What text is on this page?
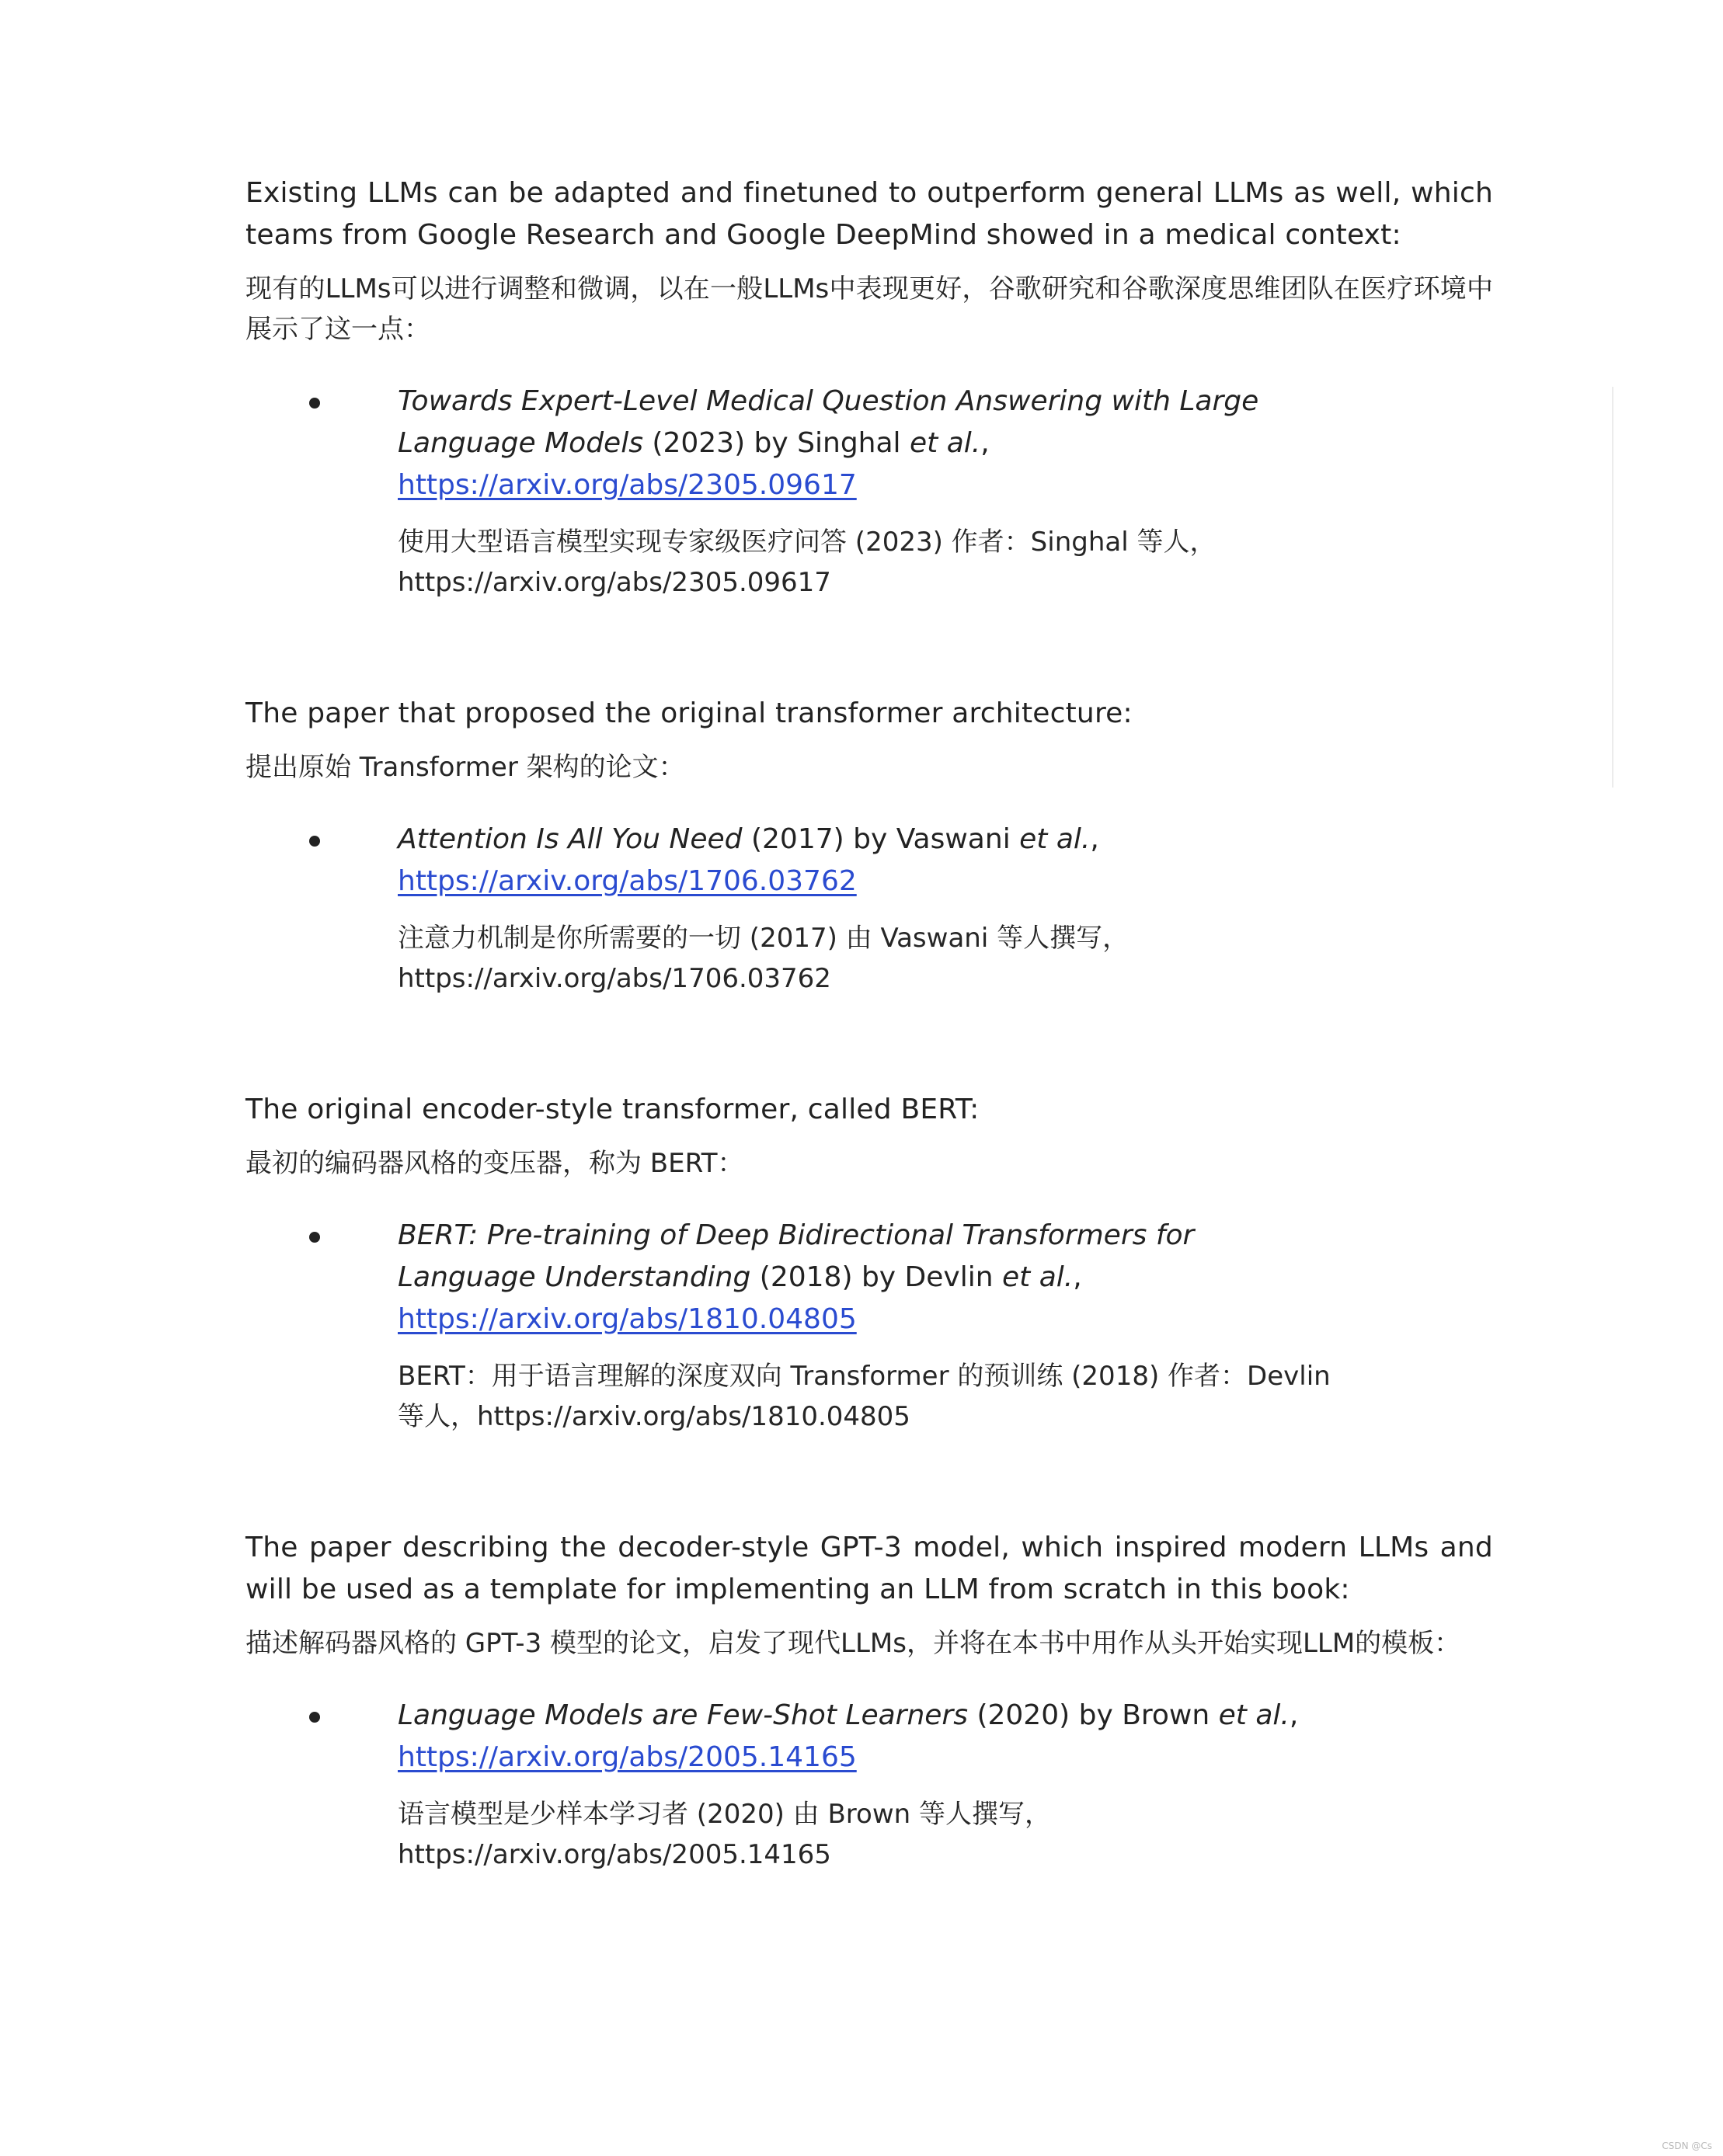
Existing LLMs can be adapted and finetuned to outperform general LLMs as well, which teams from Google Research and Google DeepMind showed in a medical context:

现有的LLMs可以进行调整和微调，以在一般LLMs中表现更好，谷歌研究和谷歌深度思维团队在医疗环境中展示了这一点：

Towards Expert-Level Medical Question Answering with Large Language Models (2023) by Singhal et al., https://arxiv.org/abs/2305.09617

使用大型语言模型实现专家级医疗问答 (2023) 作者：Singhal 等人，https://arxiv.org/abs/2305.09617

The paper that proposed the original transformer architecture:

提出原始 Transformer 架构的论文：

Attention Is All You Need (2017) by Vaswani et al.,
https://arxiv.org/abs/1706.03762

注意力机制是你所需要的一切 (2017) 由 Vaswani 等人撰写，https://arxiv.org/abs/1706.03762

The original encoder-style transformer, called BERT:

最初的编码器风格的变压器，称为 BERT：

BERT: Pre-training of Deep Bidirectional Transformers for Language Understanding (2018) by Devlin et al., https://arxiv.org/abs/1810.04805

BERT：用于语言理解的深度双向 Transformer 的预训练 (2018) 作者：Devlin 等人，https://arxiv.org/abs/1810.04805

The paper describing the decoder-style GPT-3 model, which inspired modern LLMs and will be used as a template for implementing an LLM from scratch in this book:

描述解码器风格的 GPT-3 模型的论文，启发了现代LLMs，并将在本书中用作从头开始实现LLM的模板：

Language Models are Few-Shot Learners (2020) by Brown et al.,
https://arxiv.org/abs/2005.14165

语言模型是少样本学习者 (2020) 由 Brown 等人撰写，https://arxiv.org/abs/2005.14165

CSDN @Cs
